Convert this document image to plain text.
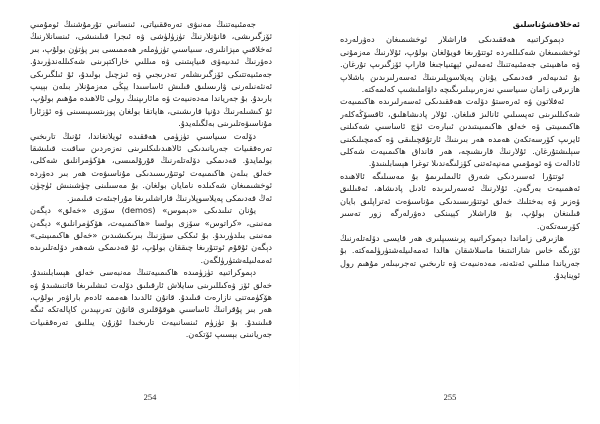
جەمئىيەتنىڭ مەنىۋى تەرەققىياتى، ئىنسانىي تۇرمۇشنىڭ ئومۇمىي ئۆزگىرىشى، قانۇنلارنىڭ تۈزۈلۈشى ۋە ئىجرا قىلىنىشى، ئىنسانلارنىڭ ئەخلاقىي مېزانلىرى، سىياسىي تۈزۈملەر ھەممىسى بىر پۈتۈن بولۇپ، بىر دەۋرنىڭ ئىدىيەۋى قىياپىتىنى ۋە مىللىي خاراكتېرىنى شەكىللەندۈرىدۇ. جەمئىيەتتىكى ئۆزگىرىشلەر تەدرىجىي ۋە ئىزچىل بولىدۇ، ئۇ ئىلگىرىكى ئەنئەنىلەرنى ۋارىسلىق قىلىش ئاساسىدا يېڭى مەزمۇنلار بىلەن بېيىپ بارىدۇ. بۇ جەرياندا مەدەنىيەت ۋە مائارىپنىڭ رولى ئالاھىدە مۇھىم بولۇپ، ئۇ كىشىلەرنىڭ دۇنيا قارىشىنى، ھاياتقا بولغان پوزىتسىيىسىنى ۋە ئۆزئارا مۇناسىۋەتلىرىنى بەلگىلەيدۇ.

دۆلەت سىياسىي تۈزۈمى ھەققىدە ئويلانغاندا، ئۇنىڭ تارىخىي تەرەققىيات جەريانىدىكى ئالاھىدىلىكلىرىنى نەزەردىن ساقىت قىلىشقا بولمايدۇ. قەدىمكى دۆلەتلەرنىڭ قۇرۇلمىسى، ھۆكۈمرانلىق شەكلى، خەلق بىلەن ھاكىمىيەت ئوتتۇرىسىدىكى مۇناسىۋەت ھەر بىر دەۋردە ئوخشىمىغان شەكىلدە نامايان بولغان. بۇ مەسىلىنى چۈشىنىش ئۈچۈن ئەڭ قەدىمكى پەيلاسوپلارنىڭ قاراشلىرىغا مۇراجىئەت قىلىمىز.

يۇنان تىلىدىكى «دېموس» (demos) سۆزى «خەلق» دېگەن مەنىنى، «كراتوس» سۆزى بولسا «ھاكىمىيەت، ھۆكۈمرانلىق» دېگەن مەنىنى بىلدۈرىدۇ. بۇ ئىككى سۆزنىڭ بىرىكىشىدىن «خەلق ھاكىمىيىتى» دېگەن ئۇقۇم ئوتتۇرىغا چىققان بولۇپ، ئۇ قەدىمكى شەھەر دۆلەتلىرىدە ئەمەلىيلەشتۈرۈلگەن.

دېموكراتىيە تۈزۈمىدە ھاكىمىيەتنىڭ مەنبەسى خەلق ھېسابلىنىدۇ. خەلق ئۆز ۋەكىللىرىنى سايلاش ئارقىلىق دۆلەت ئىشلىرىغا قاتنىشىدۇ ۋە ھۆكۈمەتنى نازارەت قىلىدۇ. قانۇن ئالدىدا ھەممە ئادەم باراۋەر بولۇپ، ھەر بىر پۇقرانىڭ ئاساسىي ھوقۇقلىرى قانۇن تەرىپىدىن كاپالەتكە ئىگە قىلىنىدۇ. بۇ تۈزۈم ئىنسانىيەت تارىخىدا ئۇزۇن يىللىق تەرەققىيات جەريانىنى بېسىپ ئۆتكەن.

254

ئەخلاقشۇناسلىق

دېموكراتىيە ھەققىدىكى قاراشلار ئوخشىمىغان دەۋرلەردە ئوخشىمىغان شەكىللەردە ئوتتۇرىغا قويۇلغان بولۇپ، ئۇلارنىڭ مەزمۇنى ۋە ماھىيىتى جەمئىيەتنىڭ ئەمەلىي ئېھتىياجىغا قاراپ ئۆزگىرىپ تۇرغان. بۇ ئىدىيەلەر قەدىمكى يۇنان پەيلاسوپلىرىنىڭ ئەسەرلىرىدىن باشلاپ ھازىرقى زامان سىياسىي نەزەرىيىلىرىگىچە داۋاملىشىپ كەلمەكتە.

ئەفلاتون ۋە ئەرەستۇ دۆلەت ھەققىدىكى ئەسەرلىرىدە ھاكىمىيەت شەكىللىرىنى تەپسىلىي ئانالىز قىلغان. ئۇلار پادىشاھلىق، ئاقسۆڭەكلەر ھاكىمىيىتى ۋە خەلق ھاكىمىيىتىدىن ئىبارەت ئۈچ ئاساسىي شەكىلنى ئايرىپ كۆرسەتكەن ھەمدە ھەر بىرىنىڭ ئارتۇقچىلىقى ۋە كەمچىلىكىنى سېلىشتۇرغان. ئۇلارنىڭ قارىشىچە، ھەر قانداق ھاكىمىيەت شەكلى ئادالەت ۋە ئومۇمىي مەنپەئەتنى كۆزلىگەندىلا توغرا ھېسابلىنىدۇ.

ئوتتۇرا ئەسىردىكى شەرق ئالىملىرىمۇ بۇ مەسىلىگە ئالاھىدە ئەھمىيەت بەرگەن. ئۇلارنىڭ ئەسەرلىرىدە ئادىل پادىشاھ، ئەقىللىق ۋەزىر ۋە بەختلىك خەلق ئوتتۇرىسىدىكى مۇناسىۋەت ئەتراپلىق بايان قىلىنغان بولۇپ، بۇ قاراشلار كېيىنكى دەۋرلەرگە زور تەسىر كۆرسەتكەن.

ھازىرقى زاماندا دېموكراتىيە پرىنسىپلىرى ھەر قايسى دۆلەتلەرنىڭ ئۆزىگە خاس شارائىتىغا ماسلاشقان ھالدا ئەمەلىيلەشتۈرۈلمەكتە. بۇ جەرياندا مىللىي ئەنئەنە، مەدەنىيەت ۋە تارىخىي تەجرىبىلەر مۇھىم رول ئوينايدۇ.

255
